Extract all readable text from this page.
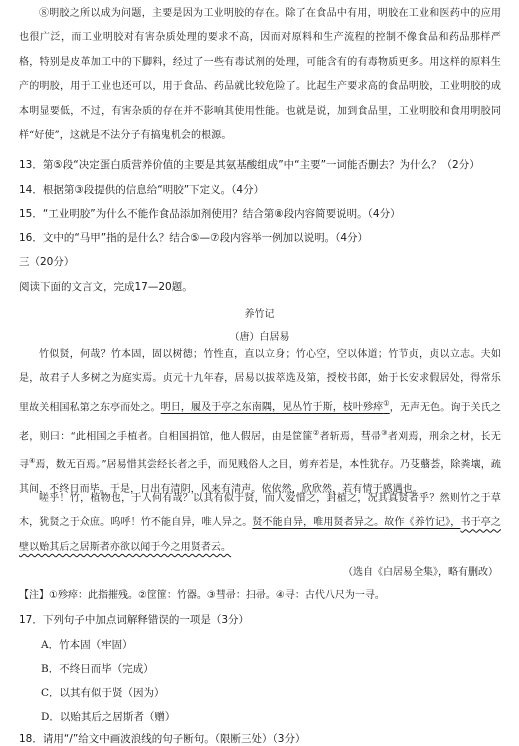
⑧明胶之所以成为问题，主要是因为工业明胶的存在。除了在食品中有用，明胶在工业和医药中的应用也很广泛，而工业明胶对有害杂质处理的要求不高，因而对原料和生产流程的控制不像食品和药品那样严格，特别是皮革加工中的下脚料，经过了一些有毒试剂的处理，可能含有的有毒物质更多。用这样的原料生产的明胶，用于工业也还可以，用于食品、药品就比较危险了。比起生产要求高的食品明胶，工业明胶的成本明显要低，不过，有害杂质的存在并不影响其使用性能。也就是说，加到食品里，工业明胶和食用明胶同样“好使”，这就是不法分子有搞鬼机会的根源。

13．第⑤段“决定蛋白质营养价值的主要是其氨基酸组成”中“主要”一词能否删去？为什么？（2分）
14．根据第③段提供的信息给“明胶”下定义。（4分）
15．“工业明胶”为什么不能作食品添加剂使用？结合第⑧段内容简要说明。（4分）
16．文中的“马甲”指的是什么？结合⑤—⑦段内容举一例加以说明。（4分）
三（20分）
阅读下面的文言文，完成17—20题。
养竹记
（唐）白居易

竹似贤，何哉？竹本固，固以树德；竹性直，直以立身；竹心空，空以体道；竹节贞，贞以立志。夫如是，故君子人多树之为庭实焉。贞元十九年春，居易以拔萃选及第，授校书郎，始于长安求假居处，得常乐里故关相国私第之东亭而处之。明日，履及于亭之东南隅，见丛竹于斯，枝叶殄瘁①，无声无色。询于关氏之老，则曰：“此相国之手植者。自相国捐馆，他人假居，由是筐篚②者斩焉，彗帚③者刈焉，刑余之材，长无寻④焉，数无百焉。”居易惜其尝经长者之手，而见贱俗人之目，剪弃若是，本性犹存。乃芟蘙荟，除粪壤，疏其间，不终日而毕。于是，日出有清阴，风来有清声。依依然，欣欣然，若有情于感遇也。

嗟乎！竹，植物也，于人何有哉？以其有似于贤，而人爱惜之，封植之，况其真贤者乎？然则竹之于草木，犹贤之于众庶。呜呼！竹不能自异，唯人异之。贤不能自异，唯用贤者异之。故作《养竹记》，书于亭之壁以贻其后之居斯者亦欲以闻于今之用贤者云。

（选自《白居易全集》，略有删改）
【注】①殄瘁：此指摧残。②筐篚：竹器。③彗帚：扫帚。④寻：古代八尺为一寻。
17．下列句子中加点词解释错误的一项是（3分）
A．竹本固（牢固）
B．不终日而毕（完成）
C．以其有似于贤（因为）
D．以贻其后之居斯者（赠）
18．请用“/”给文中画波浪线的句子断句。（限断三处）（3分）
